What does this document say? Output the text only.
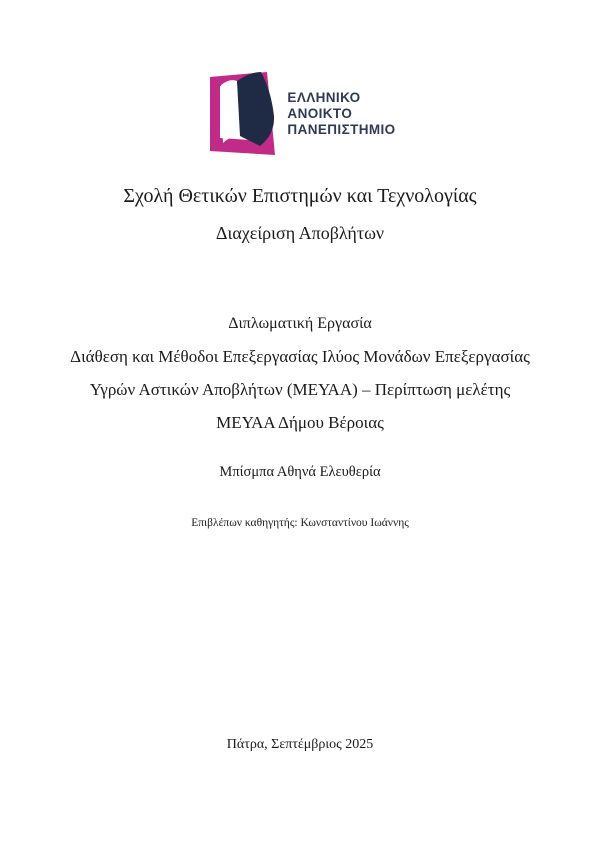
ΕΛΛΗΝΙΚΟ
ΑΝΟΙΚΤΟ
ΠΑΝΕΠΙΣΤΗΜΙΟ
Σχολή Θετικών Επιστημών και Τεχνολογίας
Διαχείριση Αποβλήτων
Διπλωματική Εργασία
Διάθεση και Μέθοδοι Επεξεργασίας Ιλύος Μονάδων Επεξεργασίας
Υγρών Αστικών Αποβλήτων (ΜΕΥΑΑ) – Περίπτωση μελέτης
ΜΕΥΑΑ Δήμου Βέροιας
Μπίσμπα Αθηνά Ελευθερία
Επιβλέπων καθηγητής: Κωνσταντίνου Ιωάννης
Πάτρα, Σεπτέμβριος 2025
